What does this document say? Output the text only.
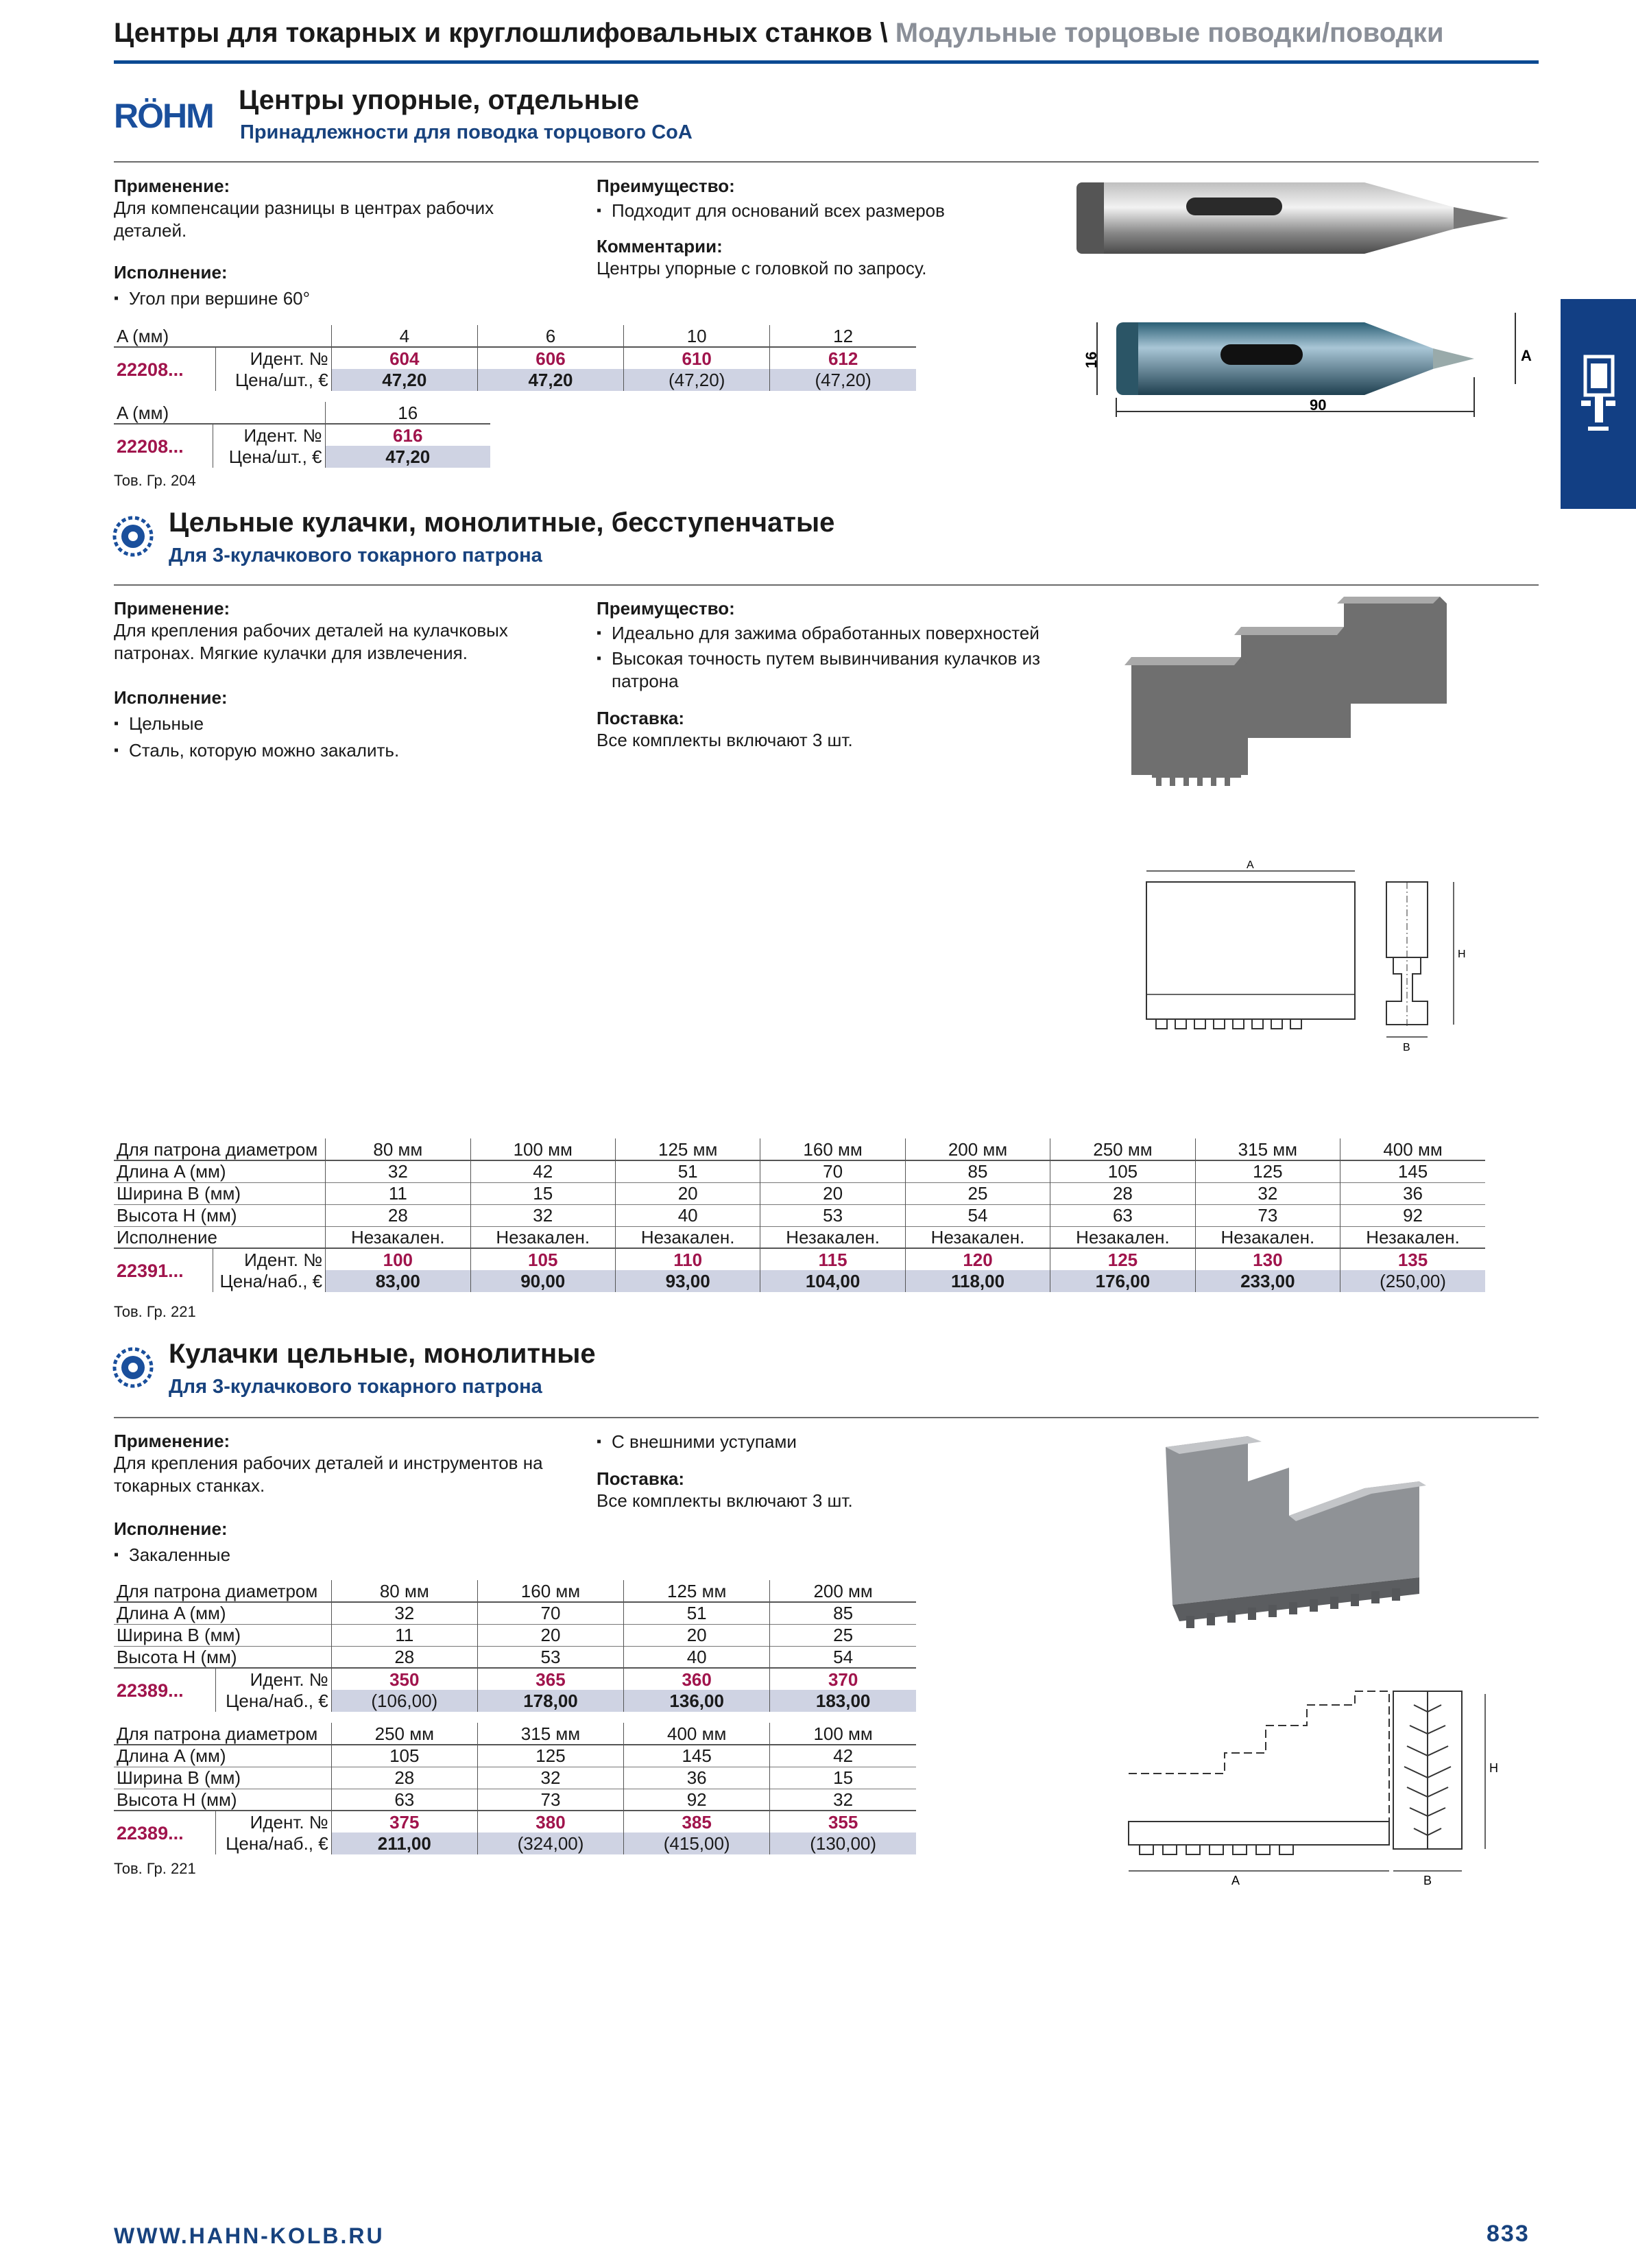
Центры для токарных и круглошлифовальных станков \ Модульные торцовые поводки/поводки
RÖHM Центры упорные, отдельные
Принадлежности для поводка торцового CoA
Применение:
Для компенсации разницы в центрах рабочих деталей.
Исполнение:
▪ Угол при вершине 60°
Преимущество:
▪ Подходит для оснований всех размеров
Комментарии:
Центры упорные с головкой по запросу.
16
90
A
A (мм)		4	6	10	12
22208...	Идент. №	604	606	610	612
	Цена/шт., €	47,20	47,20	(47,20)	(47,20)
A (мм)		16
22208...	Идент. №	616
	Цена/шт., €	47,20
Тов. Гр. 204
Цельные кулачки, монолитные, бесступенчатые
Для 3-кулачкового токарного патрона
Применение:
Для крепления рабочих деталей на кулачковых патронах. Мягкие кулачки для извлечения.
Исполнение:
▪ Цельные
▪ Сталь, которую можно закалить.
Преимущество:
▪ Идеально для зажима обработанных поверхностей
▪ Высокая точность путем вывинчивания кулачков из патрона
Поставка:
Все комплекты включают 3 шт.
A
H
B
Для патрона диаметром		80 мм	100 мм	125 мм	160 мм	200 мм	250 мм	315 мм	400 мм
Длина A (мм)		32	42	51	70	85	105	125	145
Ширина B (мм)		11	15	20	20	25	28	32	36
Высота H (мм)		28	32	40	53	54	63	73	92
Исполнение		Незакален.	Незакален.	Незакален.	Незакален.	Незакален.	Незакален.	Незакален.	Незакален.
22391...	Идент. №	100	105	110	115	120	125	130	135
	Цена/наб., €	83,00	90,00	93,00	104,00	118,00	176,00	233,00	(250,00)
Тов. Гр. 221
Кулачки цельные, монолитные
Для 3-кулачкового токарного патрона
Применение:
Для крепления рабочих деталей и инструментов на токарных станках.
Исполнение:
▪ Закаленные
▪ С внешними уступами
Поставка:
Все комплекты включают 3 шт.
A
H
B
Для патрона диаметром		80 мм	160 мм	125 мм	200 мм
Длина A (мм)		32	70	51	85
Ширина B (мм)		11	20	20	25
Высота H (мм)		28	53	40	54
22389...	Идент. №	350	365	360	370
	Цена/наб., €	(106,00)	178,00	136,00	183,00
Для патрона диаметром		250 мм	315 мм	400 мм	100 мм
Длина A (мм)		105	125	145	42
Ширина B (мм)		28	32	36	15
Высота H (мм)		63	73	92	32
22389...	Идент. №	375	380	385	355
	Цена/наб., €	211,00	(324,00)	(415,00)	(130,00)
Тов. Гр. 221
WWW.HAHN-KOLB.RU	833
